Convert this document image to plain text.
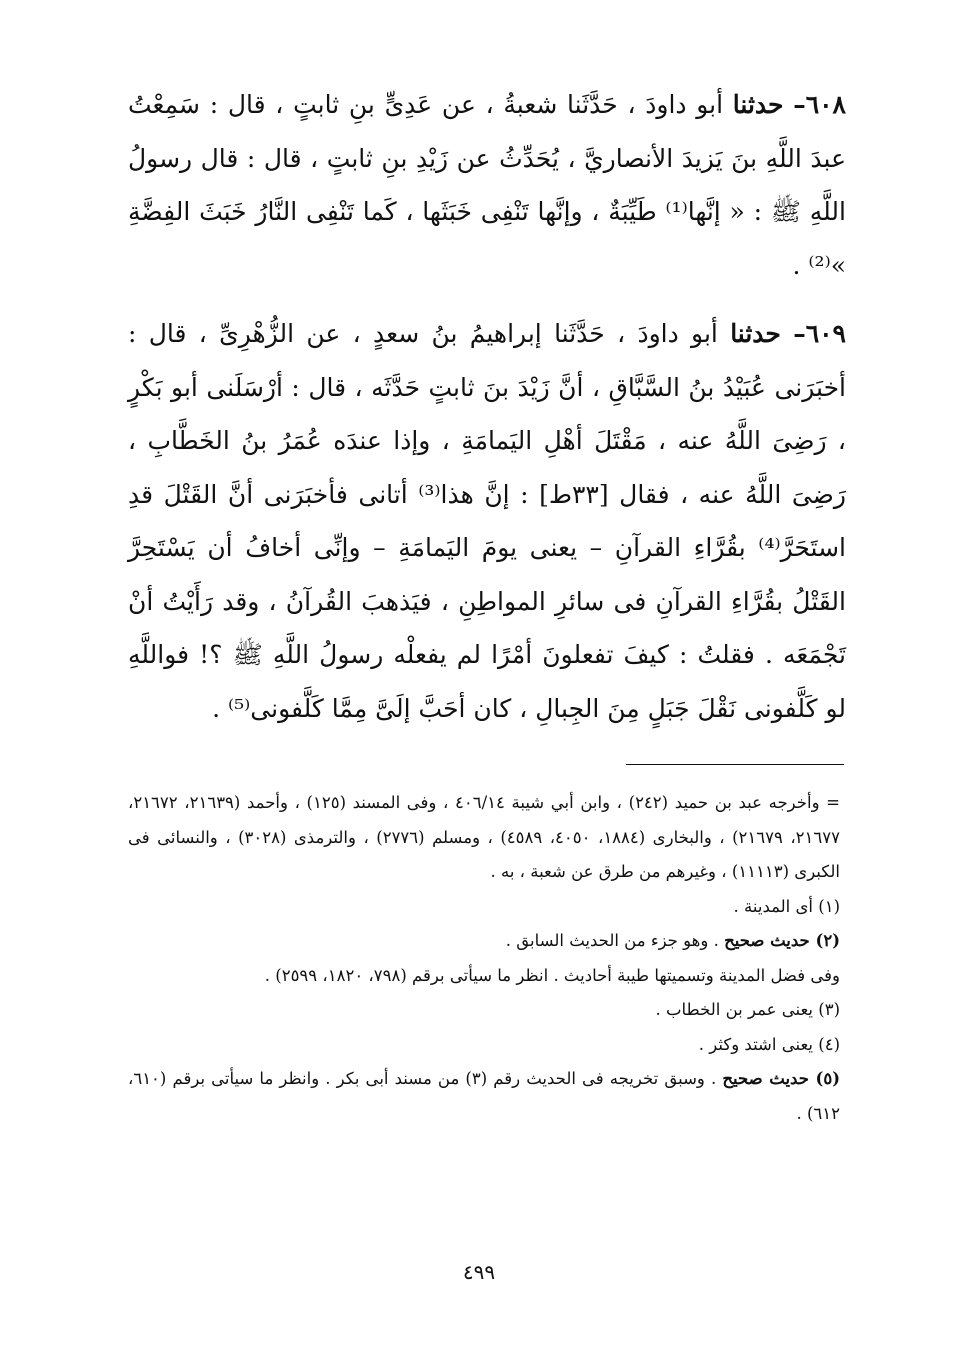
٦٠٨– حدثنا أبو داودَ ، حَدَّثَنا شعبةُ ، عن عَدِىٍّ بنِ ثابتٍ ، قال : سَمِعْتُ عبدَ اللَّهِ بنَ يَزيدَ الأنصاريَّ ، يُحَدِّثُ عن زَيْدِ بنِ ثابتٍ ، قال : قال رسولُ اللَّهِ ﷺ : « إنَّها⁽¹⁾ طَيِّبَةٌ ، وإنَّها تَنْفِى خَبَثَها ، كَما تَنْفِى النَّارُ خَبَثَ الفِضَّةِ »⁽²⁾ .

٦٠٩– حدثنا أبو داودَ ، حَدَّثَنا إبراهيمُ بنُ سعدٍ ، عن الزُّهْرِىِّ ، قال : أخبَرَنى عُبَيْدُ بنُ السَّبَّاقِ ، أنَّ زَيْدَ بنَ ثابتٍ حَدَّثَه ، قال : أرْسَلَنى أبو بَكْرٍ ، رَضِىَ اللَّهُ عنه ، مَقْتَلَ أهْلِ اليَمامَةِ ، وإذا عندَه عُمَرُ بنُ الخَطَّابِ ، رَضِىَ اللَّهُ عنه ، فقال [٣٣ط] : إنَّ هذا⁽³⁾ أتانى فأخبَرَنى أنَّ القَتْلَ قدِ استَحَرَّ⁽⁴⁾ بقُرَّاءِ القرآنِ – يعنى يومَ اليَمامَةِ – وإنِّى أخافُ أن يَسْتَحِرَّ القَتْلُ بقُرَّاءِ القرآنِ فى سائرِ المواطِنِ ، فيَذهبَ القُرآنُ ، وقد رَأَيْتُ أنْ تَجْمَعَه . فقلتُ : كيفَ تفعلونَ أمْرًا لم يفعلْه رسولُ اللَّهِ ﷺ ؟! فواللَّهِ لو كَلَّفونى نَقْلَ جَبَلٍ مِنَ الجِبالِ ، كان أحَبَّ إلَىَّ مِمَّا كَلَّفونى⁽⁵⁾ .

= وأخرجه عبد بن حميد (٢٤٢) ، وابن أبي شيبة ٤٠٦/١٤ ، وفى المسند (١٢٥) ، وأحمد (٢١٦٣٩، ٢١٦٧٢، ٢١٦٧٧، ٢١٦٧٩) ، والبخارى (١٨٨٤، ٤٠٥٠، ٤٥٨٩) ، ومسلم (٢٧٧٦) ، والترمذى (٣٠٢٨) ، والنسائى فى الكبرى (١١١١٣) ، وغيرهم من طرق عن شعبة ، به .

(١) أى المدينة .

(٢) حديث صحيح . وهو جزء من الحديث السابق .

وفى فضل المدينة وتسميتها طيبة أحاديث . انظر ما سيأتى برقم (٧٩٨، ١٨٢٠، ٢٥٩٩) .

(٣) يعنى عمر بن الخطاب .

(٤) يعنى اشتد وكثر .

(٥) حديث صحيح . وسبق تخريجه فى الحديث رقم (٣) من مسند أبى بكر . وانظر ما سيأتى برقم (٦١٠، ٦١٢) .

٤٩٩
